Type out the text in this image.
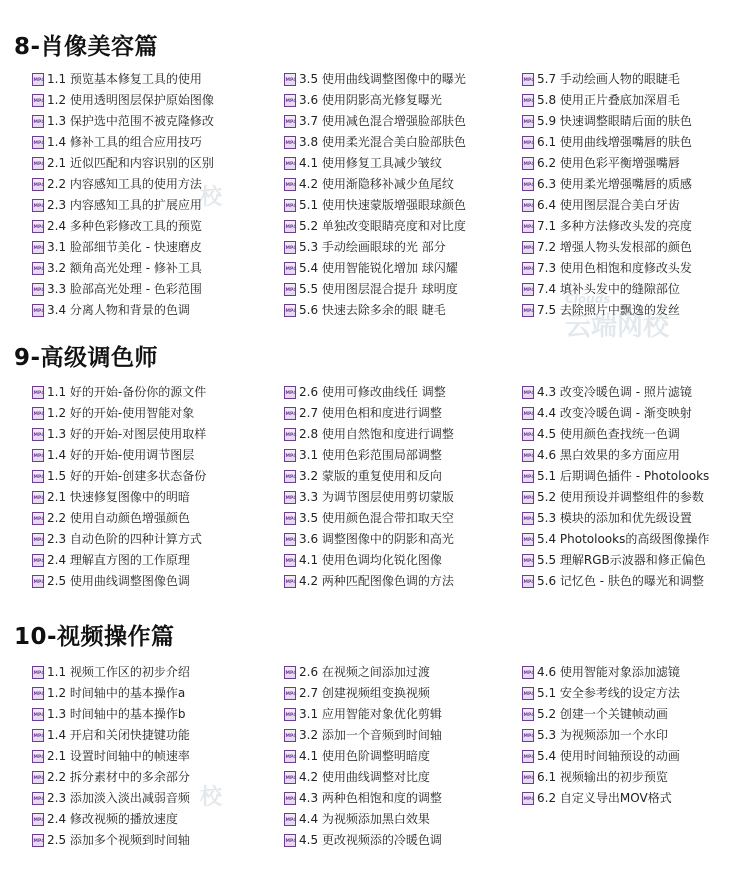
校
Clouds
云端网校
校
8-肖像美容篇
MP4
1.1 预览基本修复工具的使用
MP4
1.2 使用透明图层保护原始图像
MP4
1.3 保护选中范围不被克隆修改
MP4
1.4 修补工具的组合应用技巧
MP4
2.1 近似匹配和内容识别的区别
MP4
2.2 内容感知工具的使用方法
MP4
2.3 内容感知工具的扩展应用
MP4
2.4 多种色彩修改工具的预览
MP4
3.1 脸部细节美化 - 快速磨皮
MP4
3.2 额角高光处理 - 修补工具
MP4
3.3 脸部高光处理 - 色彩范围
MP4
3.4 分离人物和背景的色调
MP4
3.5 使用曲线调整图像中的曝光
MP4
3.6 使用阴影高光修复曝光
MP4
3.7 使用减色混合增强脸部肤色
MP4
3.8 使用柔光混合美白脸部肤色
MP4
4.1 使用修复工具减少皱纹
MP4
4.2 使用渐隐移补减少鱼尾纹
MP4
5.1 使用快速蒙版增强眼球颜色
MP4
5.2 单独改变眼睛亮度和对比度
MP4
5.3 手动绘画眼球的光 部分
MP4
5.4 使用智能锐化增加 球闪耀
MP4
5.5 使用图层混合提升 球明度
MP4
5.6 快速去除多余的眼 睫毛
MP4
5.7 手动绘画人物的眼睫毛
MP4
5.8 使用正片叠底加深眉毛
MP4
5.9 快速调整眼睛后面的肤色
MP4
6.1 使用曲线增强嘴唇的肤色
MP4
6.2 使用色彩平衡增强嘴唇
MP4
6.3 使用柔光增强嘴唇的质感
MP4
6.4 使用图层混合美白牙齿
MP4
7.1 多种方法修改头发的亮度
MP4
7.2 增强人物头发根部的颜色
MP4
7.3 使用色相饱和度修改头发
MP4
7.4 填补头发中的缝隙部位
MP4
7.5 去除照片中飘逸的发丝
9-高级调色师
MP4
1.1 好的开始-备份你的源文件
MP4
1.2 好的开始-使用智能对象
MP4
1.3 好的开始-对图层使用取样
MP4
1.4 好的开始-使用调节图层
MP4
1.5 好的开始-创建多状态备份
MP4
2.1 快速修复图像中的明暗
MP4
2.2 使用自动颜色增强颜色
MP4
2.3 自动色阶的四种计算方式
MP4
2.4 理解直方图的工作原理
MP4
2.5 使用曲线调整图像色调
MP4
2.6 使用可修改曲线任 调整
MP4
2.7 使用色相和度进行调整
MP4
2.8 使用自然饱和度进行调整
MP4
3.1 使用色彩范围局部调整
MP4
3.2 蒙版的重复使用和反向
MP4
3.3 为调节图层使用剪切蒙版
MP4
3.5 使用颜色混合带扣取天空
MP4
3.6 调整图像中的阴影和高光
MP4
4.1 使用色调均化锐化图像
MP4
4.2 两种匹配图像色调的方法
MP4
4.3 改变冷暖色调 - 照片滤镜
MP4
4.4 改变冷暖色调 - 渐变映射
MP4
4.5 使用颜色查找统一色调
MP4
4.6 黑白效果的多方面应用
MP4
5.1 后期调色插件 - Photolooks
MP4
5.2 使用预设并调整组件的参数
MP4
5.3 模块的添加和优先级设置
MP4
5.4 Photolooks的高级图像操作
MP4
5.5 理解RGB示波器和修正偏色
MP4
5.6 记忆色 - 肤色的曝光和调整
10-视频操作篇
MP4
1.1 视频工作区的初步介绍
MP4
1.2 时间轴中的基本操作a
MP4
1.3 时间轴中的基本操作b
MP4
1.4 开启和关闭快捷键功能
MP4
2.1 设置时间轴中的帧速率
MP4
2.2 拆分素材中的多余部分
MP4
2.3 添加淡入淡出减弱音频
MP4
2.4 修改视频的播放速度
MP4
2.5 添加多个视频到时间轴
MP4
2.6 在视频之间添加过渡
MP4
2.7 创建视频组变换视频
MP4
3.1 应用智能对象优化剪辑
MP4
3.2 添加一个音频到时间轴
MP4
4.1 使用色阶调整明暗度
MP4
4.2 使用曲线调整对比度
MP4
4.3 两种色相饱和度的调整
MP4
4.4 为视频添加黑白效果
MP4
4.5 更改视频添的冷暖色调
MP4
4.6 使用智能对象添加滤镜
MP4
5.1 安全参考线的设定方法
MP4
5.2 创建一个关键帧动画
MP4
5.3 为视频添加一个水印
MP4
5.4 使用时间轴预设的动画
MP4
6.1 视频输出的初步预览
MP4
6.2 自定义导出MOV格式
